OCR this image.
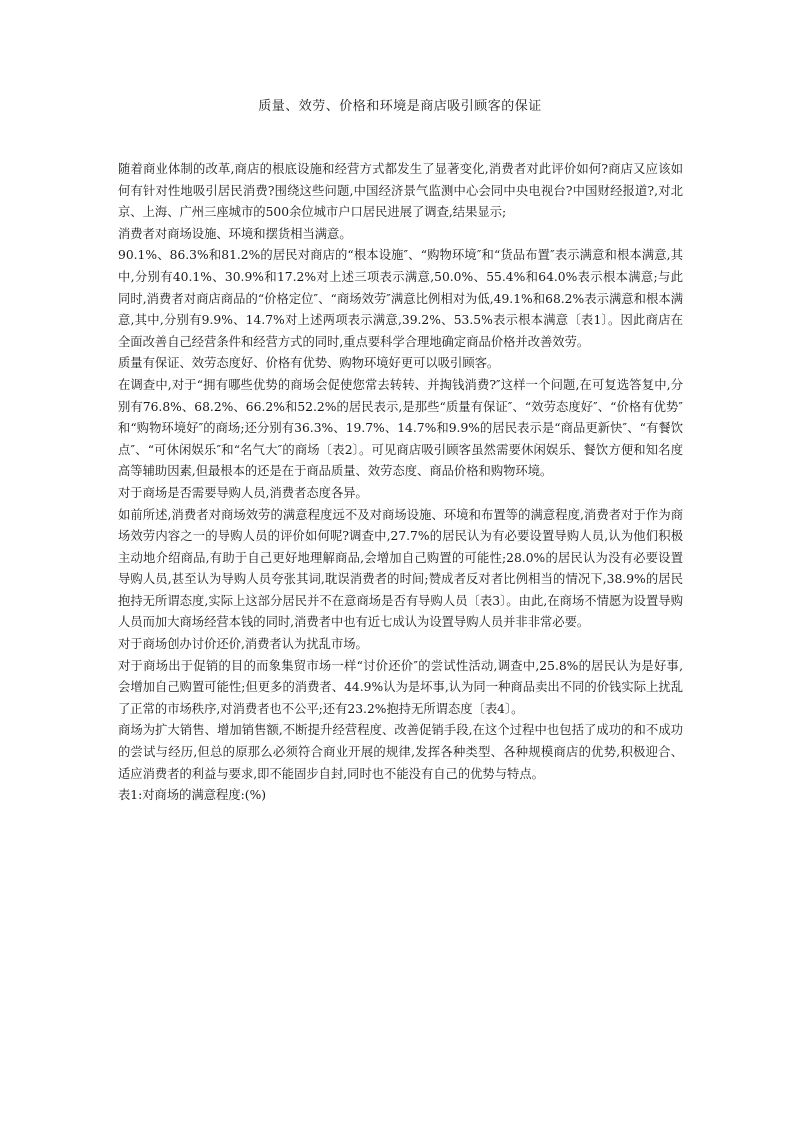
质量、效劳、价格和环境是商店吸引顾客的保证

随着商业体制的改革,商店的根底设施和经营方式都发生了显著变化,消费者对此评价如何?商店又应该如何有针对性地吸引居民消费?围绕这些问题,中国经济景气监测中心会同中央电视台?中国财经报道?,对北京、上海、广州三座城市的500余位城市户口居民进展了调查,结果显示;

消费者对商场设施、环境和摆货相当满意。

90.1%、86.3%和81.2%的居民对商店的“根本设施″、“购物环境″和“货品布置″表示满意和根本满意,其中,分别有40.1%、30.9%和17.2%对上述三项表示满意,50.0%、55.4%和64.0%表示根本满意;与此同时,消费者对商店商品的“价格定位″、“商场效劳″满意比例相对为低,49.1%和68.2%表示满意和根本满意,其中,分别有9.9%、14.7%对上述两项表示满意,39.2%、53.5%表示根本满意〔表1〕。因此商店在全面改善自己经营条件和经营方式的同时,重点要科学合理地确定商品价格并改善效劳。

质量有保证、效劳态度好、价格有优势、购物环境好更可以吸引顾客。

在调查中,对于“拥有哪些优势的商场会促使您常去转转、并掏钱消费?″这样一个问题,在可复选答复中,分别有76.8%、68.2%、66.2%和52.2%的居民表示,是那些“质量有保证″、“效劳态度好″、“价格有优势″和“购物环境好″的商场;还分别有36.3%、19.7%、14.7%和9.9%的居民表示是“商品更新快″、“有餐饮点″、“可休闲娱乐″和“名气大″的商场〔表2〕。可见商店吸引顾客虽然需要休闲娱乐、餐饮方便和知名度高等辅助因素,但最根本的还是在于商品质量、效劳态度、商品价格和购物环境。

对于商场是否需要导购人员,消费者态度各异。

如前所述,消费者对商场效劳的满意程度远不及对商场设施、环境和布置等的满意程度,消费者对于作为商场效劳内容之一的导购人员的评价如何呢?调查中,27.7%的居民认为有必要设置导购人员,认为他们积极主动地介绍商品,有助于自己更好地理解商品,会增加自己购置的可能性;28.0%的居民认为没有必要设置导购人员,甚至认为导购人员夸张其词,耽误消费者的时间;赞成者反对者比例相当的情况下,38.9%的居民抱持无所谓态度,实际上这部分居民并不在意商场是否有导购人员〔表3〕。由此,在商场不情愿为设置导购人员而加大商场经营本钱的同时,消费者中也有近七成认为设置导购人员并非非常必要。

对于商场创办讨价还价,消费者认为扰乱市场。

对于商场出于促销的目的而象集贸市场一样“讨价还价″的尝试性活动,调查中,25.8%的居民认为是好事,会增加自己购置可能性;但更多的消费者、44.9%认为是坏事,认为同一种商品卖出不同的价钱实际上扰乱了正常的市场秩序,对消费者也不公平;还有23.2%抱持无所谓态度〔表4〕。

商场为扩大销售、增加销售额,不断提升经营程度、改善促销手段,在这个过程中也包括了成功的和不成功的尝试与经历,但总的原那么必须符合商业开展的规律,发挥各种类型、各种规模商店的优势,积极迎合、适应消费者的利益与要求,即不能固步自封,同时也不能没有自己的优势与特点。

表1:对商场的满意程度:(%)
